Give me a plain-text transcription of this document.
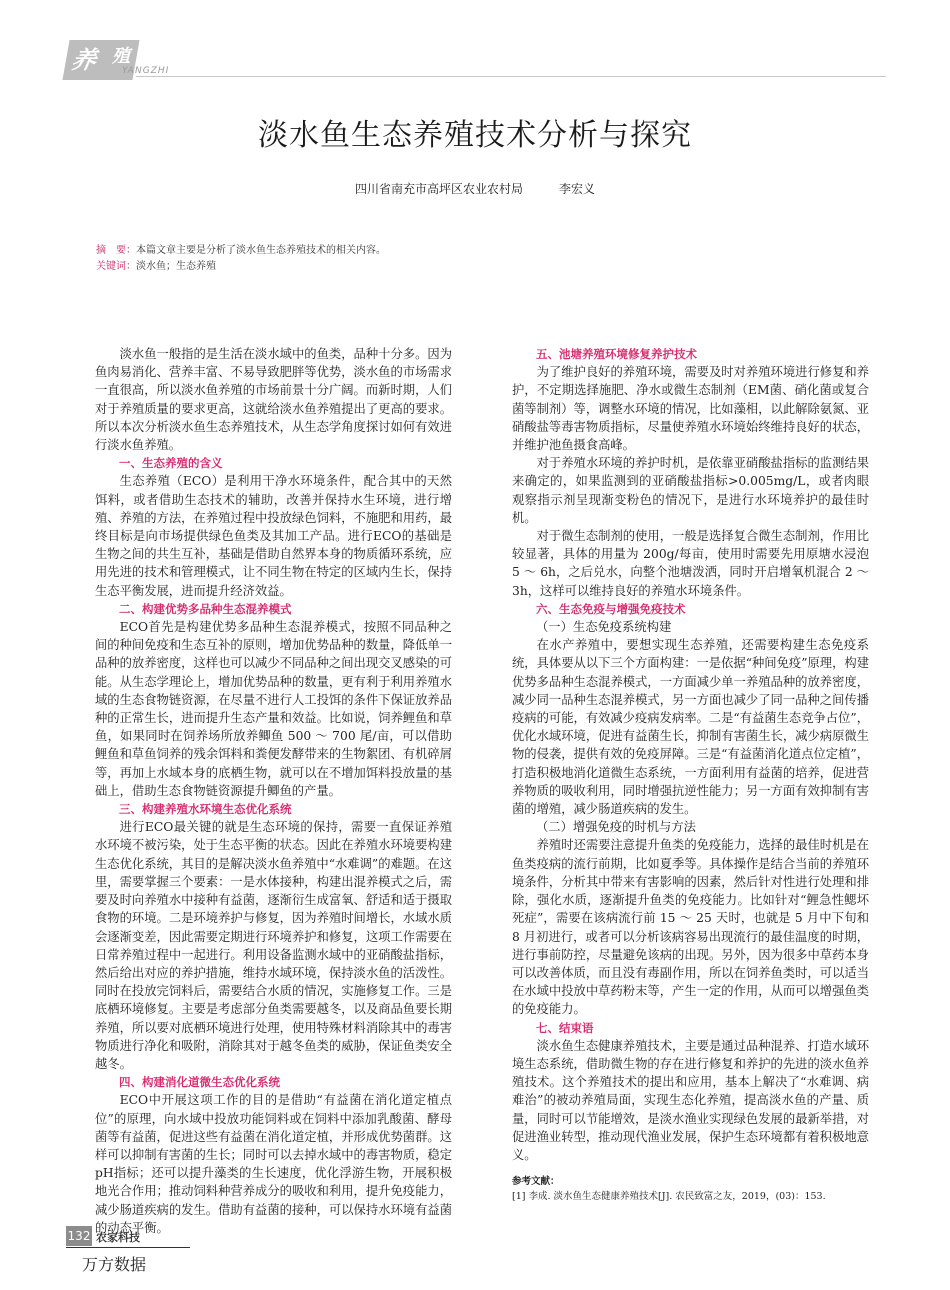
养 殖
YANGZHI
淡水鱼生态养殖技术分析与探究
四川省南充市高坪区农业农村局	李宏义
摘　要：本篇文章主要是分析了淡水鱼生态养殖技术的相关内容。
关键词：淡水鱼；生态养殖

淡水鱼一般指的是生活在淡水域中的鱼类，品种十分多。因为鱼肉易消化、营养丰富、不易导致肥胖等优势，淡水鱼的市场需求一直很高，所以淡水鱼养殖的市场前景十分广阔。而新时期，人们对于养殖质量的要求更高，这就给淡水鱼养殖提出了更高的要求。所以本次分析淡水鱼生态养殖技术，从生态学角度探讨如何有效进行淡水鱼养殖。

一、生态养殖的含义

生态养殖（ECO）是利用干净水环境条件，配合其中的天然饵料，或者借助生态技术的辅助，改善并保持水生环境，进行增殖、养殖的方法，在养殖过程中投放绿色饲料，不施肥和用药，最终目标是向市场提供绿色鱼类及其加工产品。进行ECO的基础是生物之间的共生互补，基础是借助自然界本身的物质循环系统，应用先进的技术和管理模式，让不同生物在特定的区域内生长，保持生态平衡发展，进而提升经济效益。

二、构建优势多品种生态混养模式

ECO首先是构建优势多品种生态混养模式，按照不同品种之间的种间免疫和生态互补的原则，增加优势品种的数量，降低单一品种的放养密度，这样也可以减少不同品种之间出现交叉感染的可能。从生态学理论上，增加优势品种的数量，更有利于利用养殖水域的生态食物链资源，在尽量不进行人工投饵的条件下保证放养品种的正常生长，进而提升生态产量和效益。比如说，饲养鲤鱼和草鱼，如果同时在饲养场所放养鲫鱼 500 ～ 700 尾/亩，可以借助鲤鱼和草鱼饲养的残余饵料和粪便发酵带来的生物絮团、有机碎屑等，再加上水域本身的底栖生物，就可以在不增加饵料投放量的基础上，借助生态食物链资源提升鲫鱼的产量。

三、构建养殖水环境生态优化系统

进行ECO最关键的就是生态环境的保持，需要一直保证养殖水环境不被污染，处于生态平衡的状态。因此在养殖水环境要构建生态优化系统，其目的是解决淡水鱼养殖中“水难调”的难题。在这里，需要掌握三个要素：一是水体接种，构建出混养模式之后，需要及时向养殖水中接种有益菌，逐渐衍生成富氧、舒适和适于摄取食物的环境。二是环境养护与修复，因为养殖时间增长，水域水质会逐渐变差，因此需要定期进行环境养护和修复，这项工作需要在日常养殖过程中一起进行。利用设备监测水域中的亚硝酸盐指标，然后给出对应的养护措施，维持水域环境，保持淡水鱼的活泼性。同时在投放完饲料后，需要结合水质的情况，实施修复工作。三是底栖环境修复。主要是考虑部分鱼类需要越冬，以及商品鱼要长期养殖，所以要对底栖环境进行处理，使用特殊材料消除其中的毒害物质进行净化和吸附，消除其对于越冬鱼类的威胁，保证鱼类安全越冬。

四、构建消化道微生态优化系统

ECO中开展这项工作的目的是借助“有益菌在消化道定植点位”的原理，向水域中投放功能饲料或在饲料中添加乳酸菌、酵母菌等有益菌，促进这些有益菌在消化道定植，并形成优势菌群。这样可以抑制有害菌的生长；同时可以去掉水域中的毒害物质，稳定pH指标；还可以提升藻类的生长速度，优化浮游生物，开展积极地光合作用；推动饲料种营养成分的吸收和利用，提升免疫能力，减少肠道疾病的发生。借助有益菌的接种，可以保持水环境有益菌的动态平衡。

五、池塘养殖环境修复养护技术

为了维护良好的养殖环境，需要及时对养殖环境进行修复和养护，不定期选择施肥、净水或微生态制剂（EM菌、硝化菌或复合菌等制剂）等，调整水环境的情况，比如藻相，以此解除氨氮、亚硝酸盐等毒害物质指标，尽量使养殖水环境始终维持良好的状态，并维护池鱼摄食高峰。

对于养殖水环境的养护时机，是依靠亚硝酸盐指标的监测结果来确定的，如果监测到的亚硝酸盐指标>0.005mg/L，或者肉眼观察指示剂呈现渐变粉色的情况下，是进行水环境养护的最佳时机。

对于微生态制剂的使用，一般是选择复合微生态制剂，作用比较显著，具体的用量为 200g/每亩，使用时需要先用原塘水浸泡 5 ～ 6h，之后兑水，向整个池塘泼洒，同时开启增氧机混合 2 ～ 3h，这样可以维持良好的养殖水环境条件。

六、生态免疫与增强免疫技术
（一）生态免疫系统构建

在水产养殖中，要想实现生态养殖，还需要构建生态免疫系统，具体要从以下三个方面构建：一是依据“种间免疫”原理，构建优势多品种生态混养模式，一方面减少单一养殖品种的放养密度，减少同一品种生态混养模式，另一方面也减少了同一品种之间传播疫病的可能，有效减少疫病发病率。二是“有益菌生态竞争占位”，优化水域环境，促进有益菌生长，抑制有害菌生长，减少病原微生物的侵袭，提供有效的免疫屏障。三是“有益菌消化道点位定植”，打造积极地消化道微生态系统，一方面利用有益菌的培养，促进营养物质的吸收利用，同时增强抗逆性能力；另一方面有效抑制有害菌的增殖，减少肠道疾病的发生。

（二）增强免疫的时机与方法

养殖时还需要注意提升鱼类的免疫能力，选择的最佳时机是在鱼类疫病的流行前期，比如夏季等。具体操作是结合当前的养殖环境条件，分析其中带来有害影响的因素，然后针对性进行处理和排除，强化水质，逐渐提升鱼类的免疫能力。比如针对“鲤急性鳃坏死症”，需要在该病流行前 15 ～ 25 天时，也就是 5 月中下旬和 8 月初进行，或者可以分析该病容易出现流行的最佳温度的时期，进行事前防控，尽量避免该病的出现。另外，因为很多中草药本身可以改善体质，而且没有毒副作用，所以在饲养鱼类时，可以适当在水域中投放中草药粉末等，产生一定的作用，从而可以增强鱼类的免疫能力。

七、结束语

淡水鱼生态健康养殖技术，主要是通过品种混养、打造水域环境生态系统，借助微生物的存在进行修复和养护的先进的淡水鱼养殖技术。这个养殖技术的提出和应用，基本上解决了“水难调、病难治”的被动养殖局面，实现生态化养殖，提高淡水鱼的产量、质量，同时可以节能增效，是淡水渔业实现绿色发展的最新举措，对促进渔业转型，推动现代渔业发展，保护生态环境都有着积极地意义。

参考文献：

[1] 李成. 淡水鱼生态健康养殖技术[J]. 农民致富之友，2019，(03)：153.

132 农家科技
万方数据
